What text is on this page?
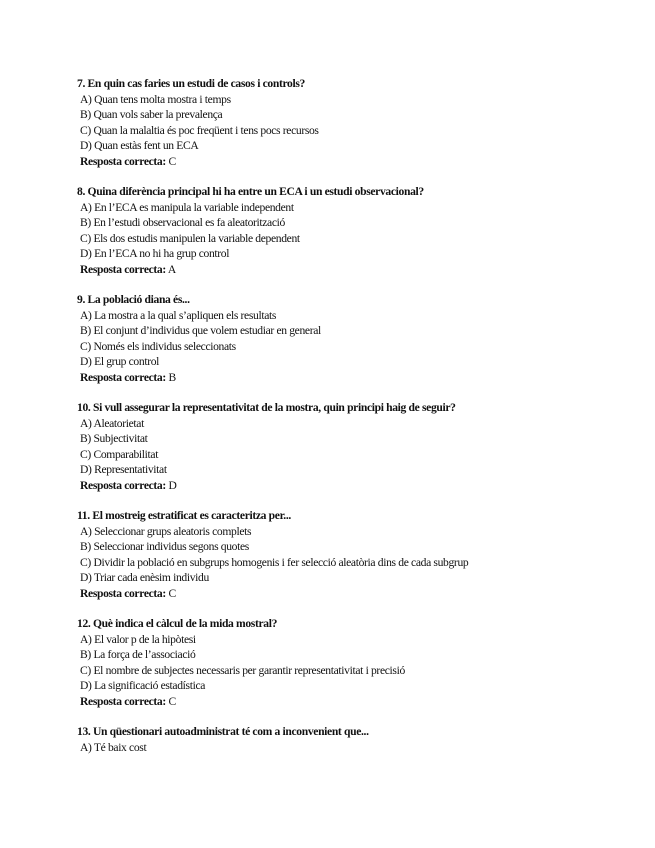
7. En quin cas faries un estudi de casos i controls?
A) Quan tens molta mostra i temps
B) Quan vols saber la prevalença
C) Quan la malaltia és poc freqüent i tens pocs recursos
D) Quan estàs fent un ECA
Resposta correcta: C
8. Quina diferència principal hi ha entre un ECA i un estudi observacional?
A) En l’ECA es manipula la variable independent
B) En l’estudi observacional es fa aleatorització
C) Els dos estudis manipulen la variable dependent
D) En l’ECA no hi ha grup control
Resposta correcta: A
9. La població diana és...
A) La mostra a la qual s’apliquen els resultats
B) El conjunt d’individus que volem estudiar en general
C) Només els individus seleccionats
D) El grup control
Resposta correcta: B
10. Si vull assegurar la representativitat de la mostra, quin principi haig de seguir?
A) Aleatorietat
B) Subjectivitat
C) Comparabilitat
D) Representativitat
Resposta correcta: D
11. El mostreig estratificat es caracteritza per...
A) Seleccionar grups aleatoris complets
B) Seleccionar individus segons quotes
C) Dividir la població en subgrups homogenis i fer selecció aleatòria dins de cada subgrup
D) Triar cada enèsim individu
Resposta correcta: C
12. Què indica el càlcul de la mida mostral?
A) El valor p de la hipòtesi
B) La força de l’associació
C) El nombre de subjectes necessaris per garantir representativitat i precisió
D) La significació estadística
Resposta correcta: C
13. Un qüestionari autoadministrat té com a inconvenient que...
A) Té baix cost
